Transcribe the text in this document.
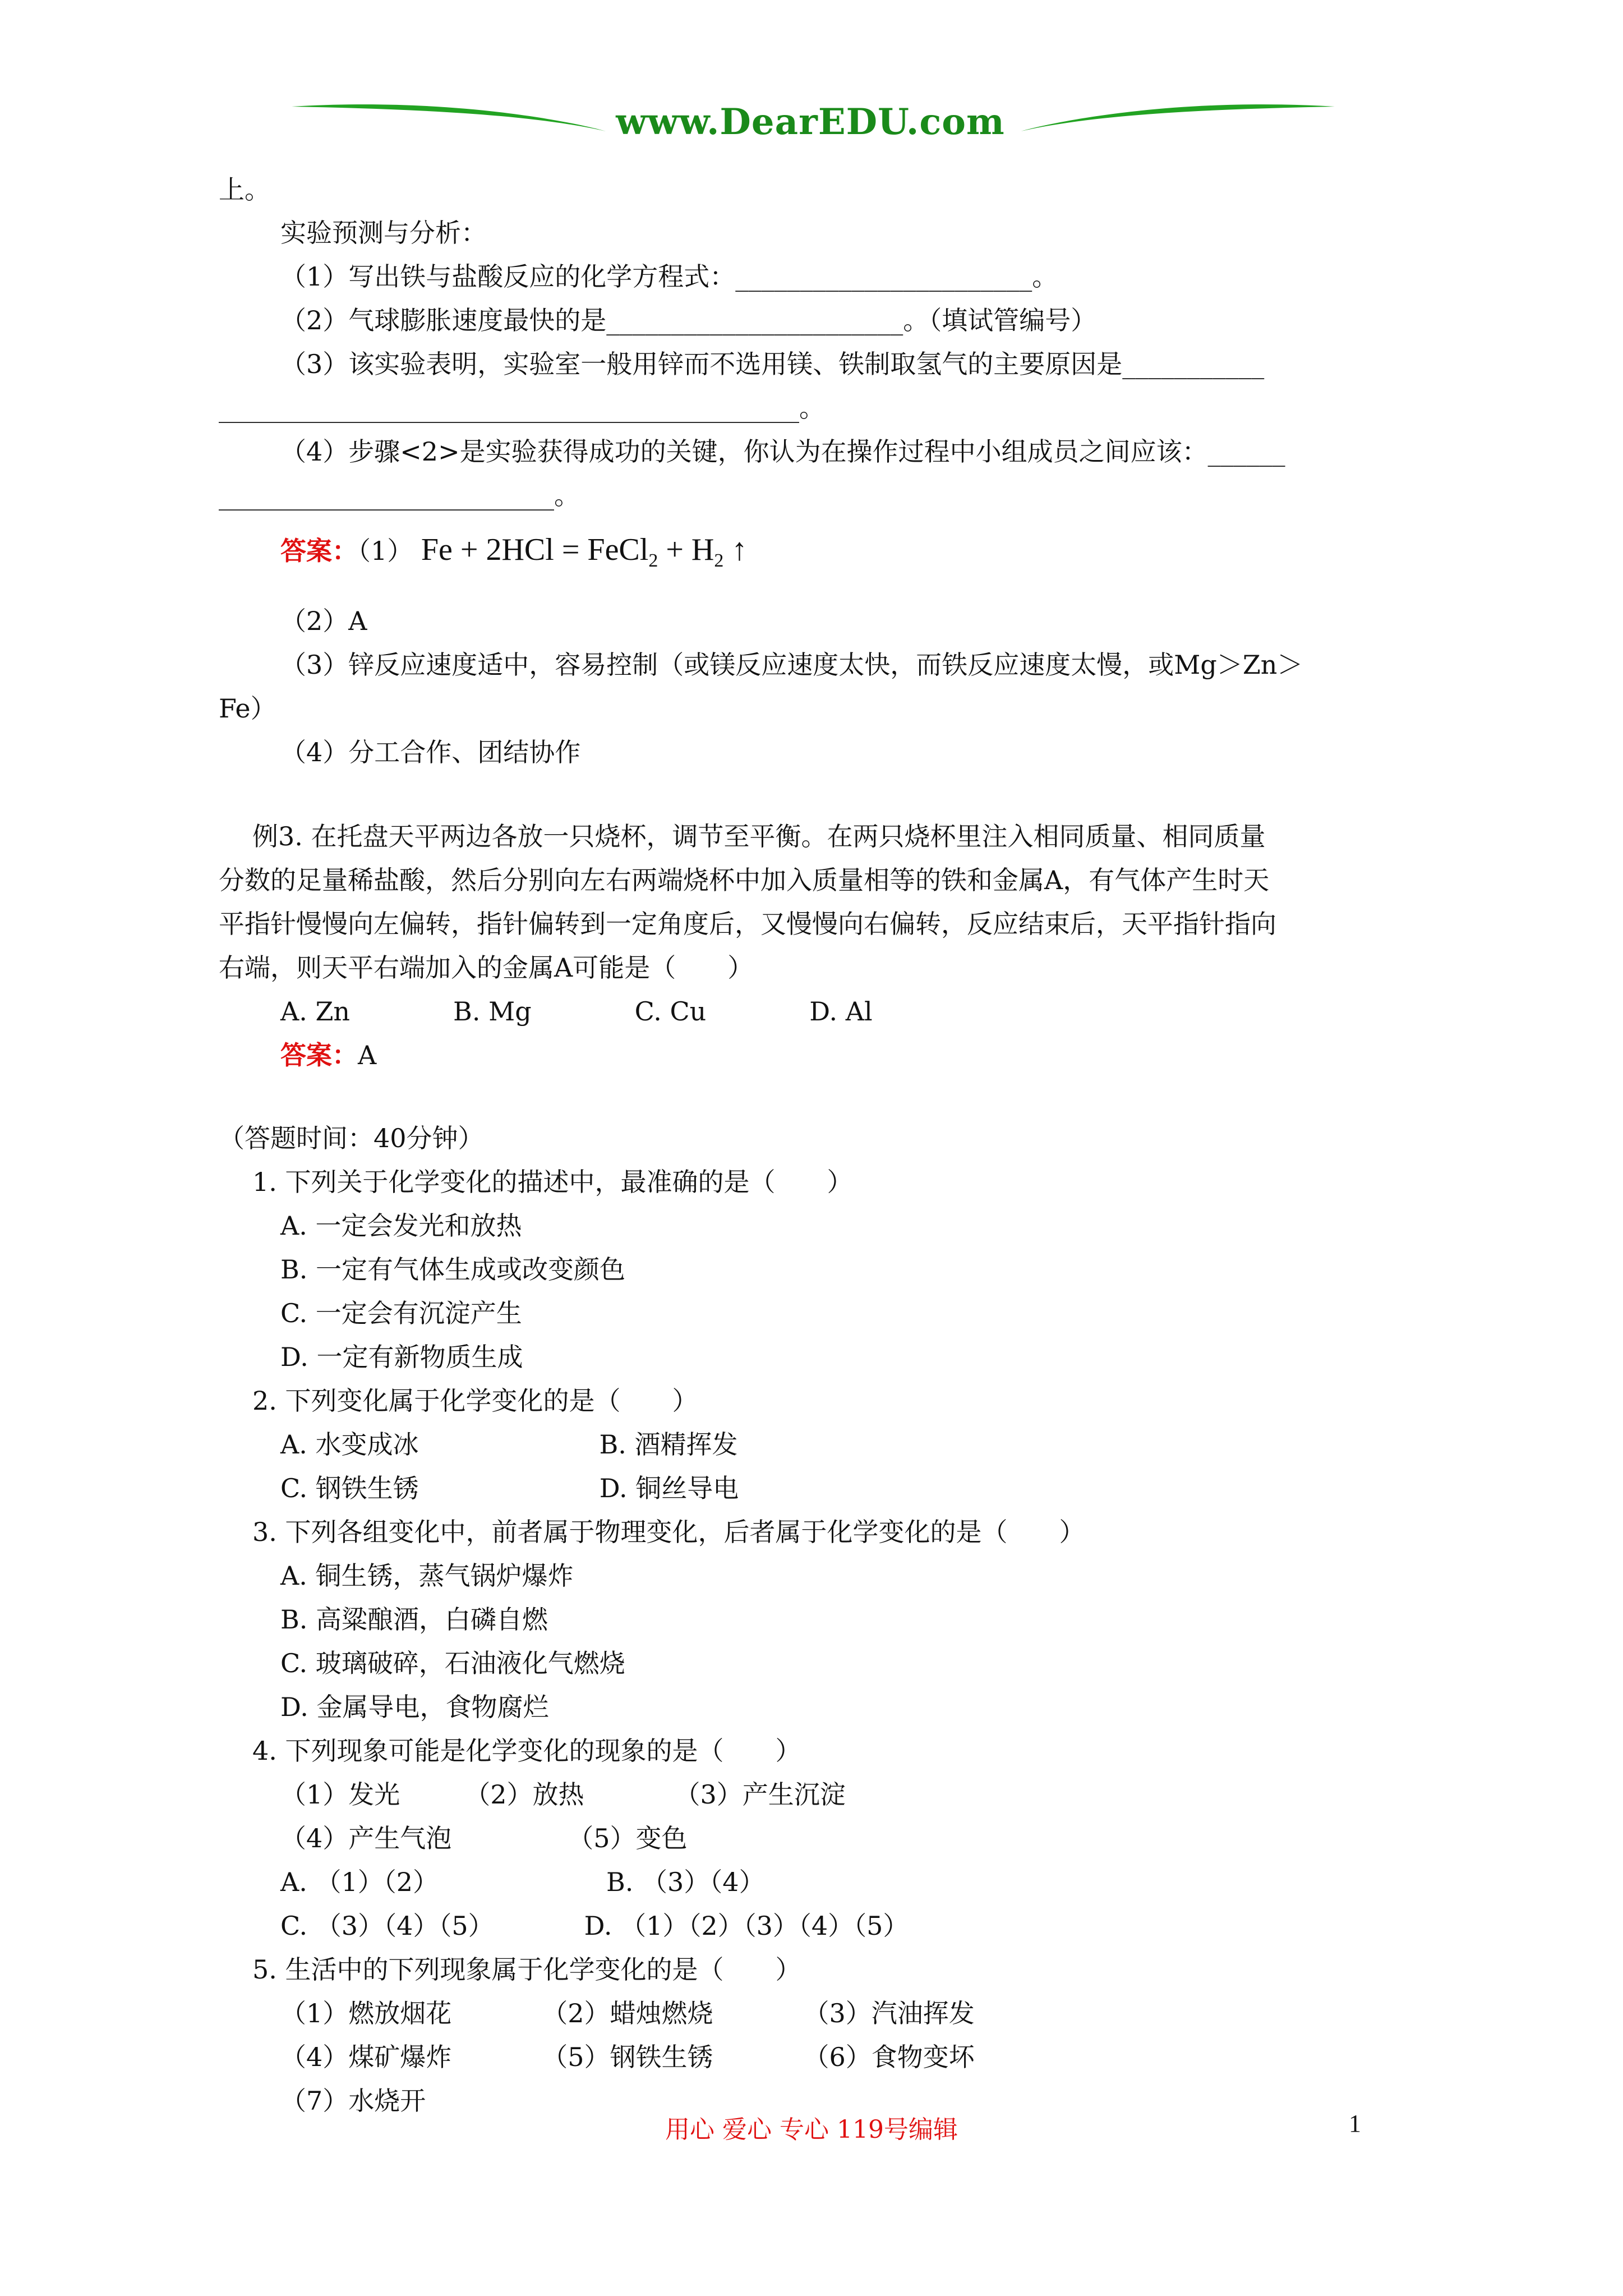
www.DearEDU.com
上。
实验预测与分析：
（1）写出铁与盐酸反应的化学方程式：_______________________。
（2）气球膨胀速度最快的是_______________________。（填试管编号）
（3）该实验表明，实验室一般用锌而不选用镁、铁制取氢气的主要原因是___________
_____________________________________________。
（4）步骤<2>是实验获得成功的关键，你认为在操作过程中小组成员之间应该：______
__________________________。
（2）A
（3）锌反应速度适中，容易控制（或镁反应速度太快，而铁反应速度太慢，或Mg＞Zn＞
Fe）
（4）分工合作、团结协作
例3. 在托盘天平两边各放一只烧杯，调节至平衡。在两只烧杯里注入相同质量、相同质量
分数的足量稀盐酸，然后分别向左右两端烧杯中加入质量相等的铁和金属A，有气体产生时天
平指针慢慢向左偏转，指针偏转到一定角度后，又慢慢向右偏转，反应结束后，天平指针指向
右端，则天平右端加入的金属A可能是（　　）
A. Zn　　　　B. Mg　　　　C. Cu　　　　D. Al
（答题时间：40分钟）
1. 下列关于化学变化的描述中，最准确的是（　　）
A. 一定会发光和放热
B. 一定有气体生成或改变颜色
C. 一定会有沉淀产生
D. 一定有新物质生成
2. 下列变化属于化学变化的是（　　）
A. 水变成冰　　　　　　　B. 酒精挥发
C. 钢铁生锈　　　　　　　D. 铜丝导电
3. 下列各组变化中，前者属于物理变化，后者属于化学变化的是（　　）
A. 铜生锈，蒸气锅炉爆炸
B. 高粱酿酒，白磷自燃
C. 玻璃破碎，石油液化气燃烧
D. 金属导电，食物腐烂
4. 下列现象可能是化学变化的现象的是（　　）
（1）发光　　　（2）放热　　　　（3）产生沉淀
（4）产生气泡　　　　　（5）变色
A. （1）（2）　　　　　　　B. （3）（4）
C. （3）（4）（5）　　　　D. （1）（2）（3）（4）（5）
5. 生活中的下列现象属于化学变化的是（　　）
（1）燃放烟花　　　　（2）蜡烛燃烧　　　　（3）汽油挥发
（4）煤矿爆炸　　　　（5）钢铁生锈　　　　（6）食物变坏
（7）水烧开
答案：（1） Fe + 2HCl = FeCl$_2$ + $H_2$ ↑
答案：A
用心 爱心 专心 119号编辑	1
